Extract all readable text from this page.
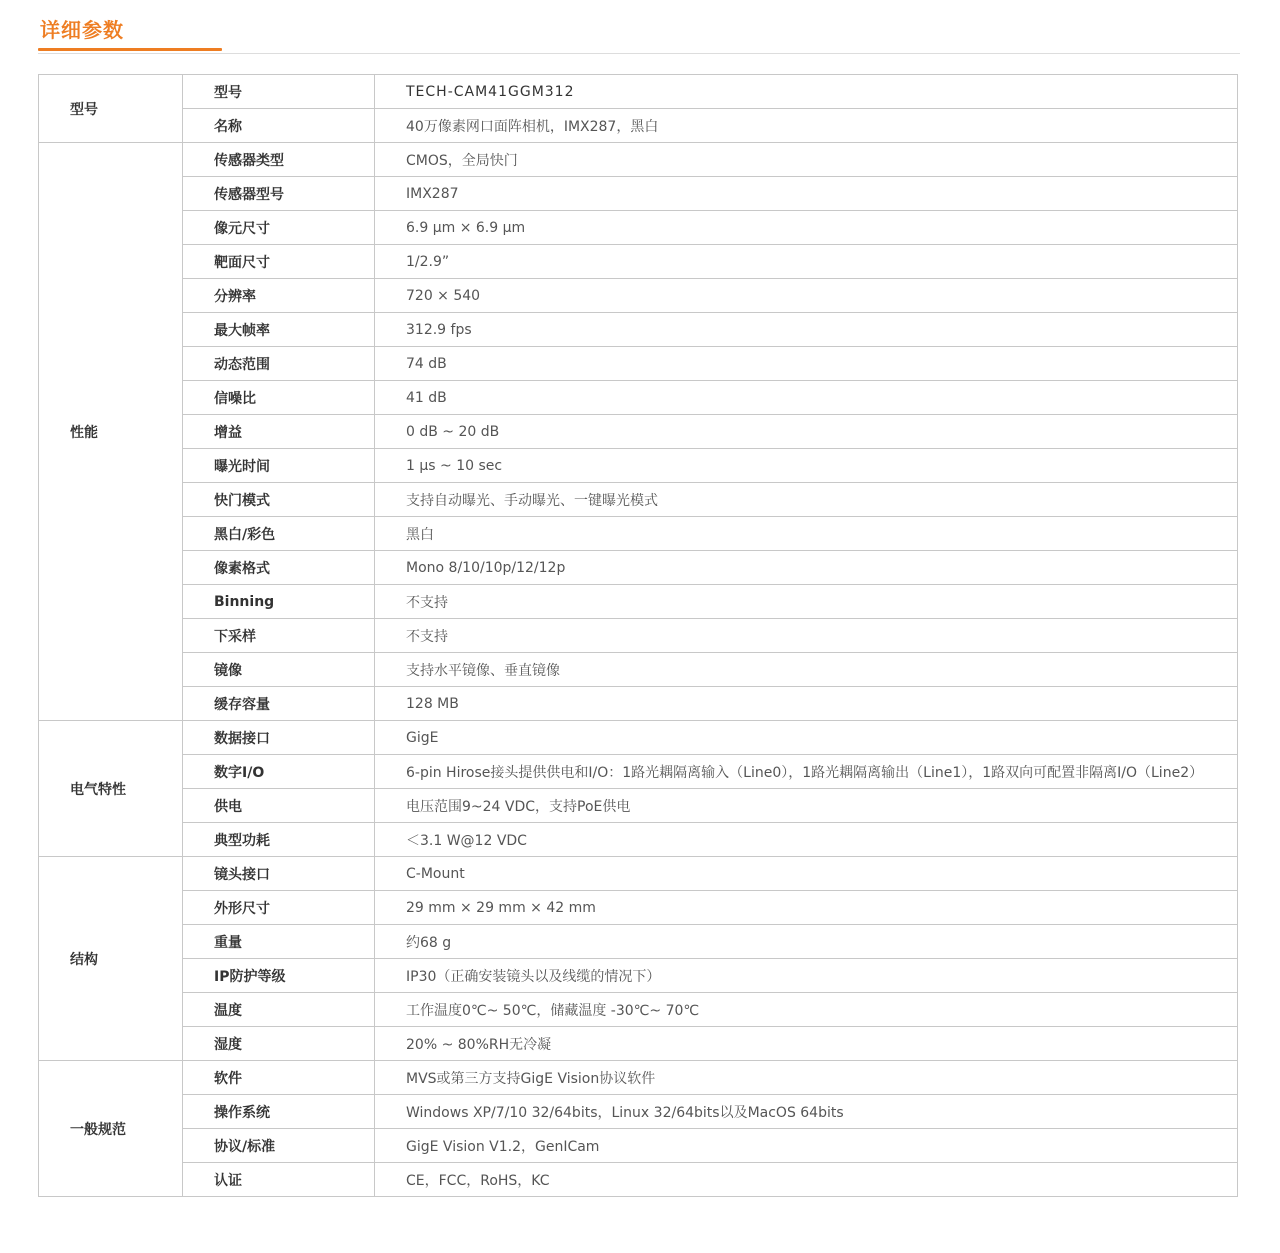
详细参数
型号	型号	TECH-CAM41GGM312
	名称	40万像素网口面阵相机，IMX287，黑白
性能	传感器类型	CMOS，全局快门
	传感器型号	IMX287
	像元尺寸	6.9 µm × 6.9 µm
	靶面尺寸	1/2.9”
	分辨率	720 × 540
	最大帧率	312.9 fps
	动态范围	74 dB
	信噪比	41 dB
	增益	0 dB ~ 20 dB
	曝光时间	1 µs ~ 10 sec
	快门模式	支持自动曝光、手动曝光、一键曝光模式
	黑白/彩色	黑白
	像素格式	Mono 8/10/10p/12/12p
	Binning	不支持
	下采样	不支持
	镜像	支持水平镜像、垂直镜像
	缓存容量	128 MB
电气特性	数据接口	GigE
	数字I/O	6-pin Hirose接头提供供电和I/O：1路光耦隔离输入（Line0），1路光耦隔离输出（Line1），1路双向可配置非隔离I/O（Line2）
	供电	电压范围9~24 VDC，支持PoE供电
	典型功耗	＜3.1 W@12 VDC
结构	镜头接口	C-Mount
	外形尺寸	29 mm × 29 mm × 42 mm
	重量	约68 g
	IP防护等级	IP30（正确安装镜头以及线缆的情况下）
	温度	工作温度0℃~ 50℃，储藏温度 -30℃~ 70℃
	湿度	20% ~ 80%RH无冷凝
一般规范	软件	MVS或第三方支持GigE Vision协议软件
	操作系统	Windows XP/7/10 32/64bits，Linux 32/64bits以及MacOS 64bits
	协议/标准	GigE Vision V1.2，GenICam
	认证	CE，FCC，RoHS，KC
